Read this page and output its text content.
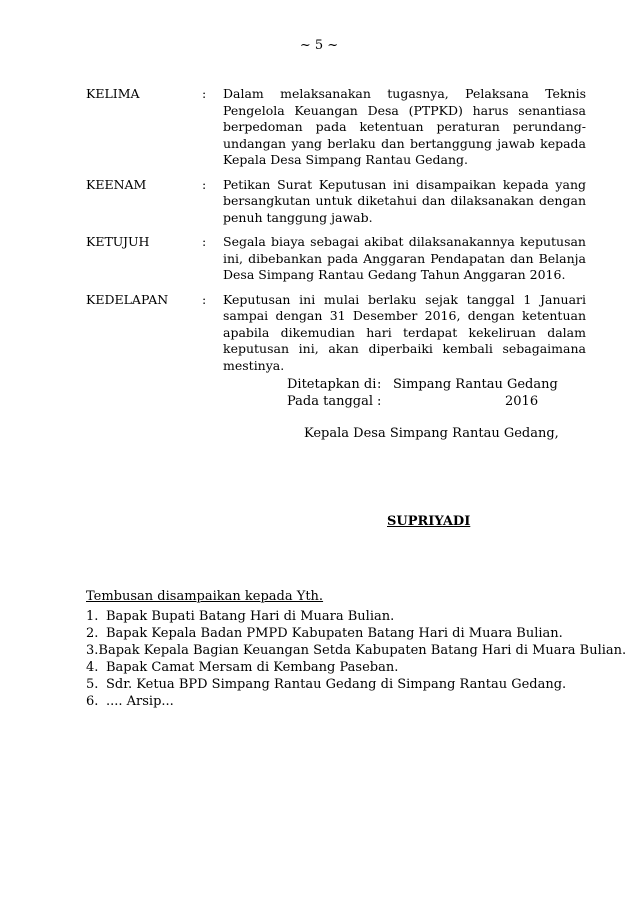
~ 5 ~
KELIMA	: Dalam melaksanakan tugasnya, Pelaksana Teknis Pengelola Keuangan Desa (PTPKD) harus senantiasa berpedoman pada ketentuan peraturan perundang-undangan yang berlaku dan bertanggung jawab kepada Kepala Desa Simpang Rantau Gedang.
KEENAM	: Petikan Surat Keputusan ini disampaikan kepada yang bersangkutan untuk diketahui dan dilaksanakan dengan penuh tanggung jawab.
KETUJUH	: Segala biaya sebagai akibat dilaksanakannya keputusan ini, dibebankan pada Anggaran Pendapatan dan Belanja Desa Simpang Rantau Gedang Tahun Anggaran 2016.
KEDELAPAN	: Keputusan ini mulai berlaku sejak tanggal 1 Januari sampai dengan 31 Desember 2016, dengan ketentuan apabila dikemudian hari terdapat kekeliruan dalam keputusan ini, akan diperbaiki kembali sebagaimana mestinya.
Ditetapkan di : Simpang Rantau Gedang
Pada tanggal :	2016
Kepala Desa Simpang Rantau Gedang,
SUPRIYADI
Tembusan disampaikan kepada Yth.
1. Bapak Bupati Batang Hari di Muara Bulian.
2. Bapak Kepala Badan PMPD Kabupaten Batang Hari di Muara Bulian.
3. Bapak Kepala Bagian Keuangan Setda Kabupaten Batang Hari di Muara Bulian.
4. Bapak Camat Mersam di Kembang Paseban.
5. Sdr. Ketua BPD Simpang Rantau Gedang di Simpang Rantau Gedang.
6. .... Arsip...
